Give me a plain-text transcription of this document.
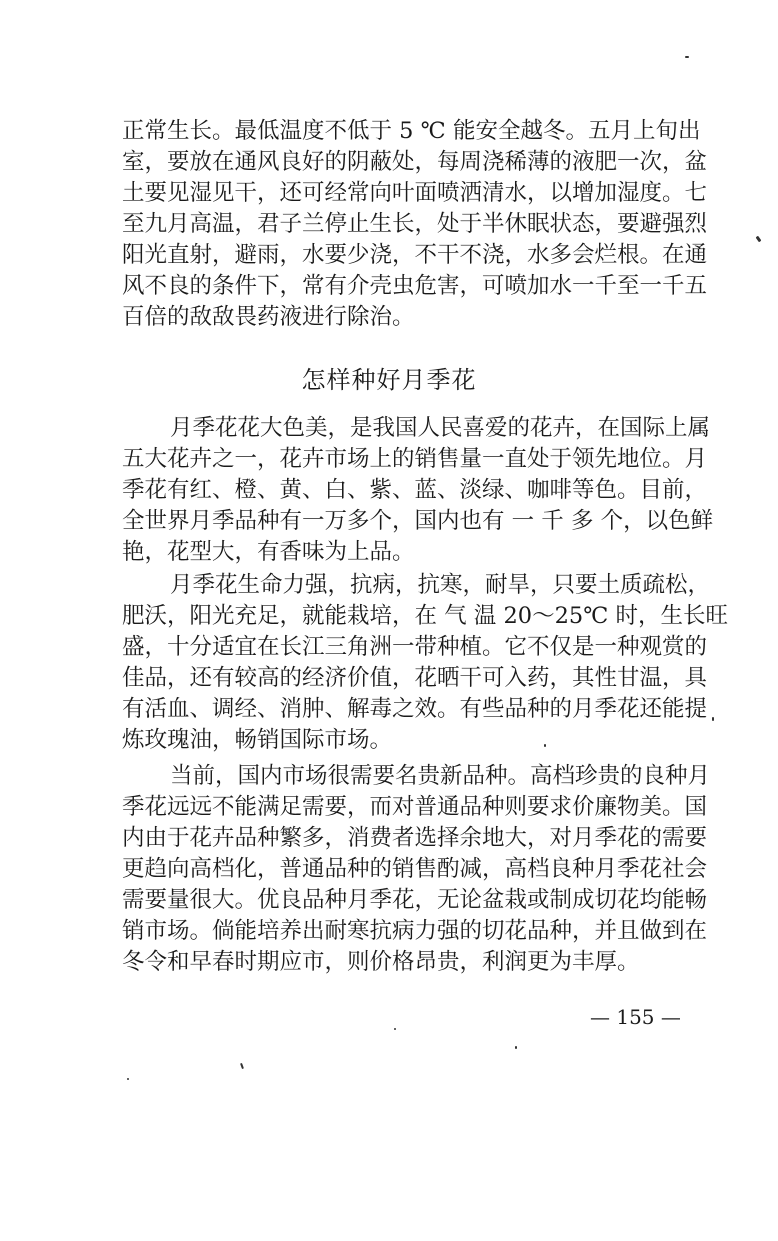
正常生长。最低温度不低于 5 ℃ 能安全越冬。五月上旬出
室，要放在通风良好的阴蔽处，每周浇稀薄的液肥一次，盆
土要见湿见干，还可经常向叶面喷洒清水，以增加湿度。七
至九月高温，君子兰停止生长，处于半休眠状态，要避强烈
阳光直射，避雨，水要少浇，不干不浇，水多会烂根。在通
风不良的条件下，常有介壳虫危害，可喷加水一千至一千五
百倍的敌敌畏药液进行除治。
怎样种好月季花
月季花花大色美，是我国人民喜爱的花卉，在国际上属
五大花卉之一，花卉市场上的销售量一直处于领先地位。月
季花有红、橙、黄、白、紫、蓝、淡绿、咖啡等色。目前，
全世界月季品种有一万多个，国内也有 一 千 多 个，以色鲜
艳，花型大，有香味为上品。
月季花生命力强，抗病，抗寒，耐旱，只要土质疏松，
肥沃，阳光充足，就能栽培，在 气 温 20～25℃ 时，生长旺
盛，十分适宜在长江三角洲一带种植。它不仅是一种观赏的
佳品，还有较高的经济价值，花晒干可入药，其性甘温，具
有活血、调经、消肿、解毒之效。有些品种的月季花还能提
炼玫瑰油，畅销国际市场。
当前，国内市场很需要名贵新品种。高档珍贵的良种月
季花远远不能满足需要，而对普通品种则要求价廉物美。国
内由于花卉品种繁多，消费者选择余地大，对月季花的需要
更趋向高档化，普通品种的销售酌减，高档良种月季花社会
需要量很大。优良品种月季花，无论盆栽或制成切花均能畅
销市场。倘能培养出耐寒抗病力强的切花品种，并且做到在
冬令和早春时期应市，则价格昂贵，利润更为丰厚。
— 155 —
